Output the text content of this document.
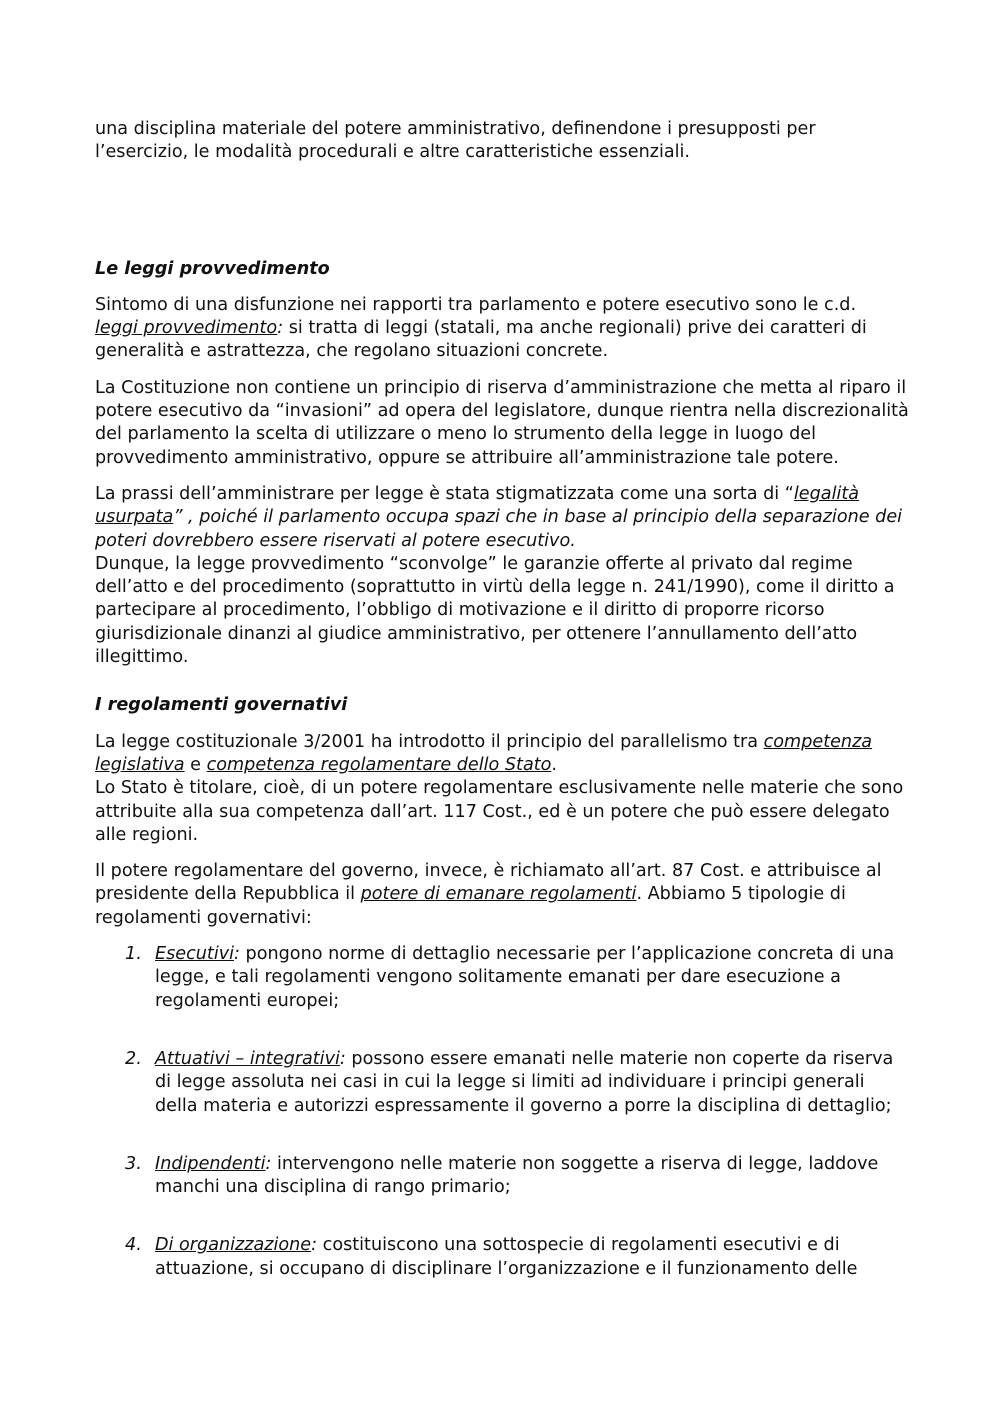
una disciplina materiale del potere amministrativo, definendone i presupposti per l’esercizio, le modalità procedurali e altre caratteristiche essenziali.

Le leggi provvedimento

Sintomo di una disfunzione nei rapporti tra parlamento e potere esecutivo sono le c.d.
leggi provvedimento: si tratta di leggi (statali, ma anche regionali) prive dei caratteri di generalità e astrattezza, che regolano situazioni concrete.

La Costituzione non contiene un principio di riserva d’amministrazione che metta al riparo il potere esecutivo da “invasioni” ad opera del legislatore, dunque rientra nella discrezionalità del parlamento la scelta di utilizzare o meno lo strumento della legge in luogo del provvedimento amministrativo, oppure se attribuire all’amministrazione tale potere.

La prassi dell’amministrare per legge è stata stigmatizzata come una sorta di “legalità usurpata” , poiché il parlamento occupa spazi che in base al principio della separazione dei poteri dovrebbero essere riservati al potere esecutivo.
Dunque, la legge provvedimento “sconvolge” le garanzie offerte al privato dal regime dell’atto e del procedimento (soprattutto in virtù della legge n. 241/1990), come il diritto a partecipare al procedimento, l’obbligo di motivazione e il diritto di proporre ricorso giurisdizionale dinanzi al giudice amministrativo, per ottenere l’annullamento dell’atto illegittimo.

I regolamenti governativi

La legge costituzionale 3/2001 ha introdotto il principio del parallelismo tra competenza legislativa e competenza regolamentare dello Stato.
Lo Stato è titolare, cioè, di un potere regolamentare esclusivamente nelle materie che sono attribuite alla sua competenza dall’art. 117 Cost., ed è un potere che può essere delegato alle regioni.

Il potere regolamentare del governo, invece, è richiamato all’art. 87 Cost. e attribuisce al presidente della Repubblica il potere di emanare regolamenti. Abbiamo 5 tipologie di regolamenti governativi:

1. Esecutivi: pongono norme di dettaglio necessarie per l’applicazione concreta di una legge, e tali regolamenti vengono solitamente emanati per dare esecuzione a regolamenti europei;
2. Attuativi – integrativi: possono essere emanati nelle materie non coperte da riserva di legge assoluta nei casi in cui la legge si limiti ad individuare i principi generali della materia e autorizzi espressamente il governo a porre la disciplina di dettaglio;
3. Indipendenti: intervengono nelle materie non soggette a riserva di legge, laddove manchi una disciplina di rango primario;
4. Di organizzazione: costituiscono una sottospecie di regolamenti esecutivi e di attuazione, si occupano di disciplinare l’organizzazione e il funzionamento delle
